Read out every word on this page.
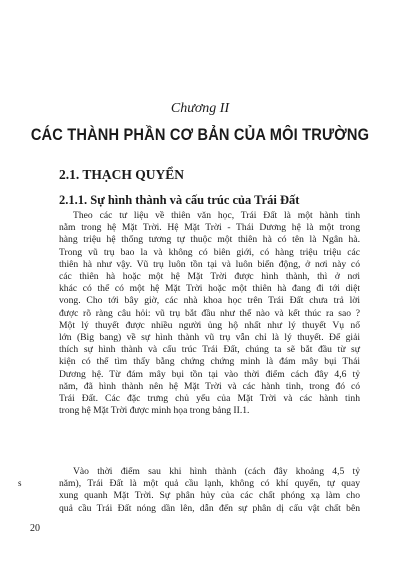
Chương II
CÁC THÀNH PHẦN CƠ BẢN CỦA MÔI TRƯỜNG
2.1. THẠCH QUYỂN
2.1.1. Sự hình thành và cấu trúc của Trái Đất
Theo các tư liệu về thiên văn học, Trái Đất là một hành tinh
nằm trong hệ Mặt Trời. Hệ Mặt Trời - Thái Dương hệ là một trong
hàng triệu hệ thống tương tự thuộc một thiên hà có tên là Ngân hà.
Trong vũ trụ bao la và không có biên giới, có hàng triệu triệu các
thiên hà như vậy. Vũ trụ luôn tồn tại và luôn biến động, ở nơi này có
các thiên hà hoặc một hệ Mặt Trời được hình thành, thì ở nơi
khác có thể có một hệ Mặt Trời hoặc một thiên hà đang đi tới diệt
vong. Cho tới bây giờ, các nhà khoa học trên Trái Đất chưa trả lời
được rõ ràng câu hỏi: vũ trụ bắt đầu như thế nào và kết thúc ra sao ?
Một lý thuyết được nhiều người ủng hộ nhất như lý thuyết Vụ nổ
lớn (Big bang) về sự hình thành vũ trụ vẫn chỉ là lý thuyết. Để giải
thích sự hình thành và cấu trúc Trái Đất, chúng ta sẽ bắt đầu từ sự
kiện có thể tìm thấy bằng chứng chứng minh là đám mây bụi Thái
Dương hệ. Từ đám mây bụi tồn tại vào thời điểm cách đây 4,6 tỷ
năm, đã hình thành nên hệ Mặt Trời và các hành tinh, trong đó có
Trái Đất. Các đặc trưng chủ yếu của Mặt Trời và các hành tinh
trong hệ Mặt Trời được minh họa trong bảng II.1.
Vào thời điểm sau khi hình thành (cách đây khoảng 4,5 tỷ
năm), Trái Đất là một quả cầu lạnh, không có khí quyển, tự quay
xung quanh Mặt Trời. Sự phân hủy của các chất phóng xạ làm cho
quả cầu Trái Đất nóng dần lên, dẫn đến sự phân dị cấu vật chất bên
s
20
